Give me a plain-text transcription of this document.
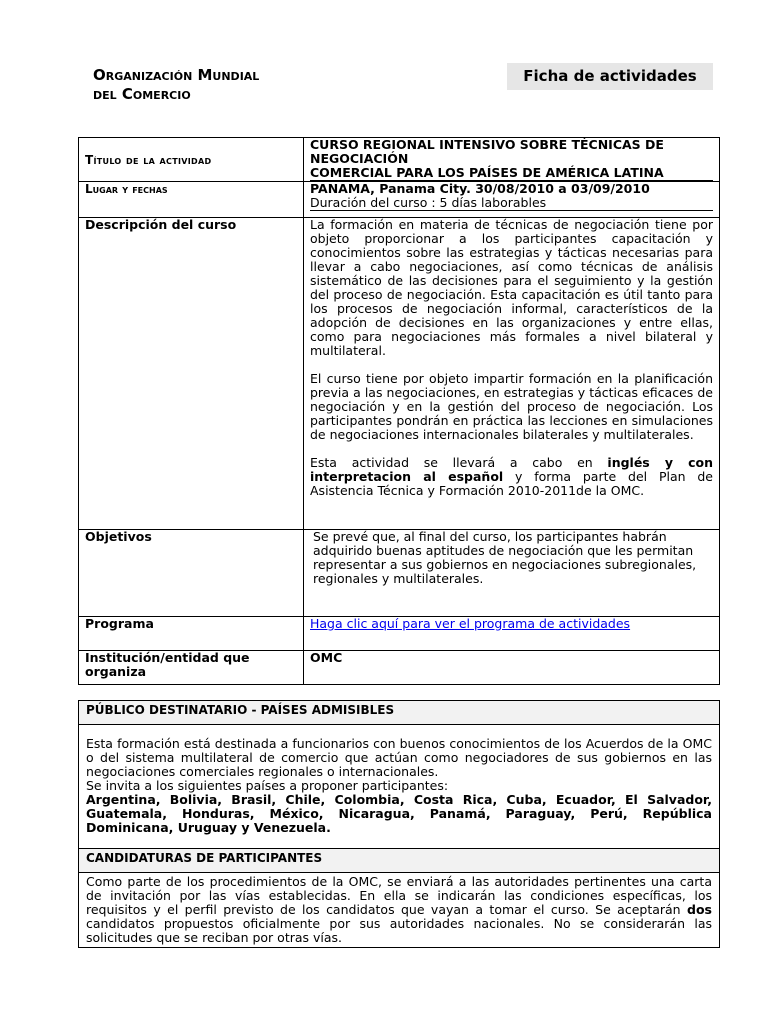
Organización Mundial
del Comercio
Ficha de actividades
Título de la actividad	CURSO REGIONAL INTENSIVO SOBRE TÉCNICAS DE
NEGOCIACIÓN
COMERCIAL PARA LOS PAÍSES DE AMÉRICA LATINA

Lugar y fechas	PANAMA, Panama City. 30/08/2010 a 03/09/2010
Duración del curso : 5 días laborables

Descripción del curso	La formación en materia de técnicas de negociación tiene por objeto proporcionar a los participantes capacitación y conocimientos sobre las estrategias y tácticas necesarias para llevar a cabo negociaciones, así como técnicas de análisis sistemático de las decisiones para el seguimiento y la gestión del proceso de negociación. Esta capacitación es útil tanto para los procesos de negociación informal, característicos de la adopción de decisiones en las organizaciones y entre ellas, como para negociaciones más formales a nivel bilateral y multilateral.
El curso tiene por objeto impartir formación en la planificación previa a las negociaciones, en estrategias y tácticas eficaces de negociación y en la gestión del proceso de negociación. Los participantes pondrán en práctica las lecciones en simulaciones de negociaciones internacionales bilaterales y multilaterales.
Esta actividad se llevará a cabo en inglés y con interpretacion al español y forma parte del Plan de Asistencia Técnica y Formación 2010-2011de la OMC.

Objetivos	Se prevé que, al final del curso, los participantes habrán adquirido buenas aptitudes de negociación que les permitan representar a sus gobiernos en negociaciones subregionales, regionales y multilaterales.
Programa	Haga clic aquí para ver el programa de actividades
Institución/entidad que organiza	OMC
PÚBLICO DESTINATARIO - PAÍSES ADMISIBLES

Esta formación está destinada a funcionarios con buenos conocimientos de los Acuerdos de la OMC o del sistema multilateral de comercio que actúan como negociadores de sus gobiernos en las negociaciones comerciales regionales o internacionales.
Se invita a los siguientes países a proponer participantes:
Argentina, Bolivia, Brasil, Chile, Colombia, Costa Rica, Cuba, Ecuador, El Salvador, Guatemala, Honduras, México, Nicaragua, Panamá, Paraguay, Perú, República Dominicana, Uruguay y Venezuela.

CANDIDATURAS DE PARTICIPANTES
Como parte de los procedimientos de la OMC, se enviará a las autoridades pertinentes una carta de invitación por las vías establecidas. En ella se indicarán las condiciones específicas, los requisitos y el perfil previsto de los candidatos que vayan a tomar el curso. Se aceptarán dos candidatos propuestos oficialmente por sus autoridades nacionales. No se considerarán las solicitudes que se reciban por otras vías.
